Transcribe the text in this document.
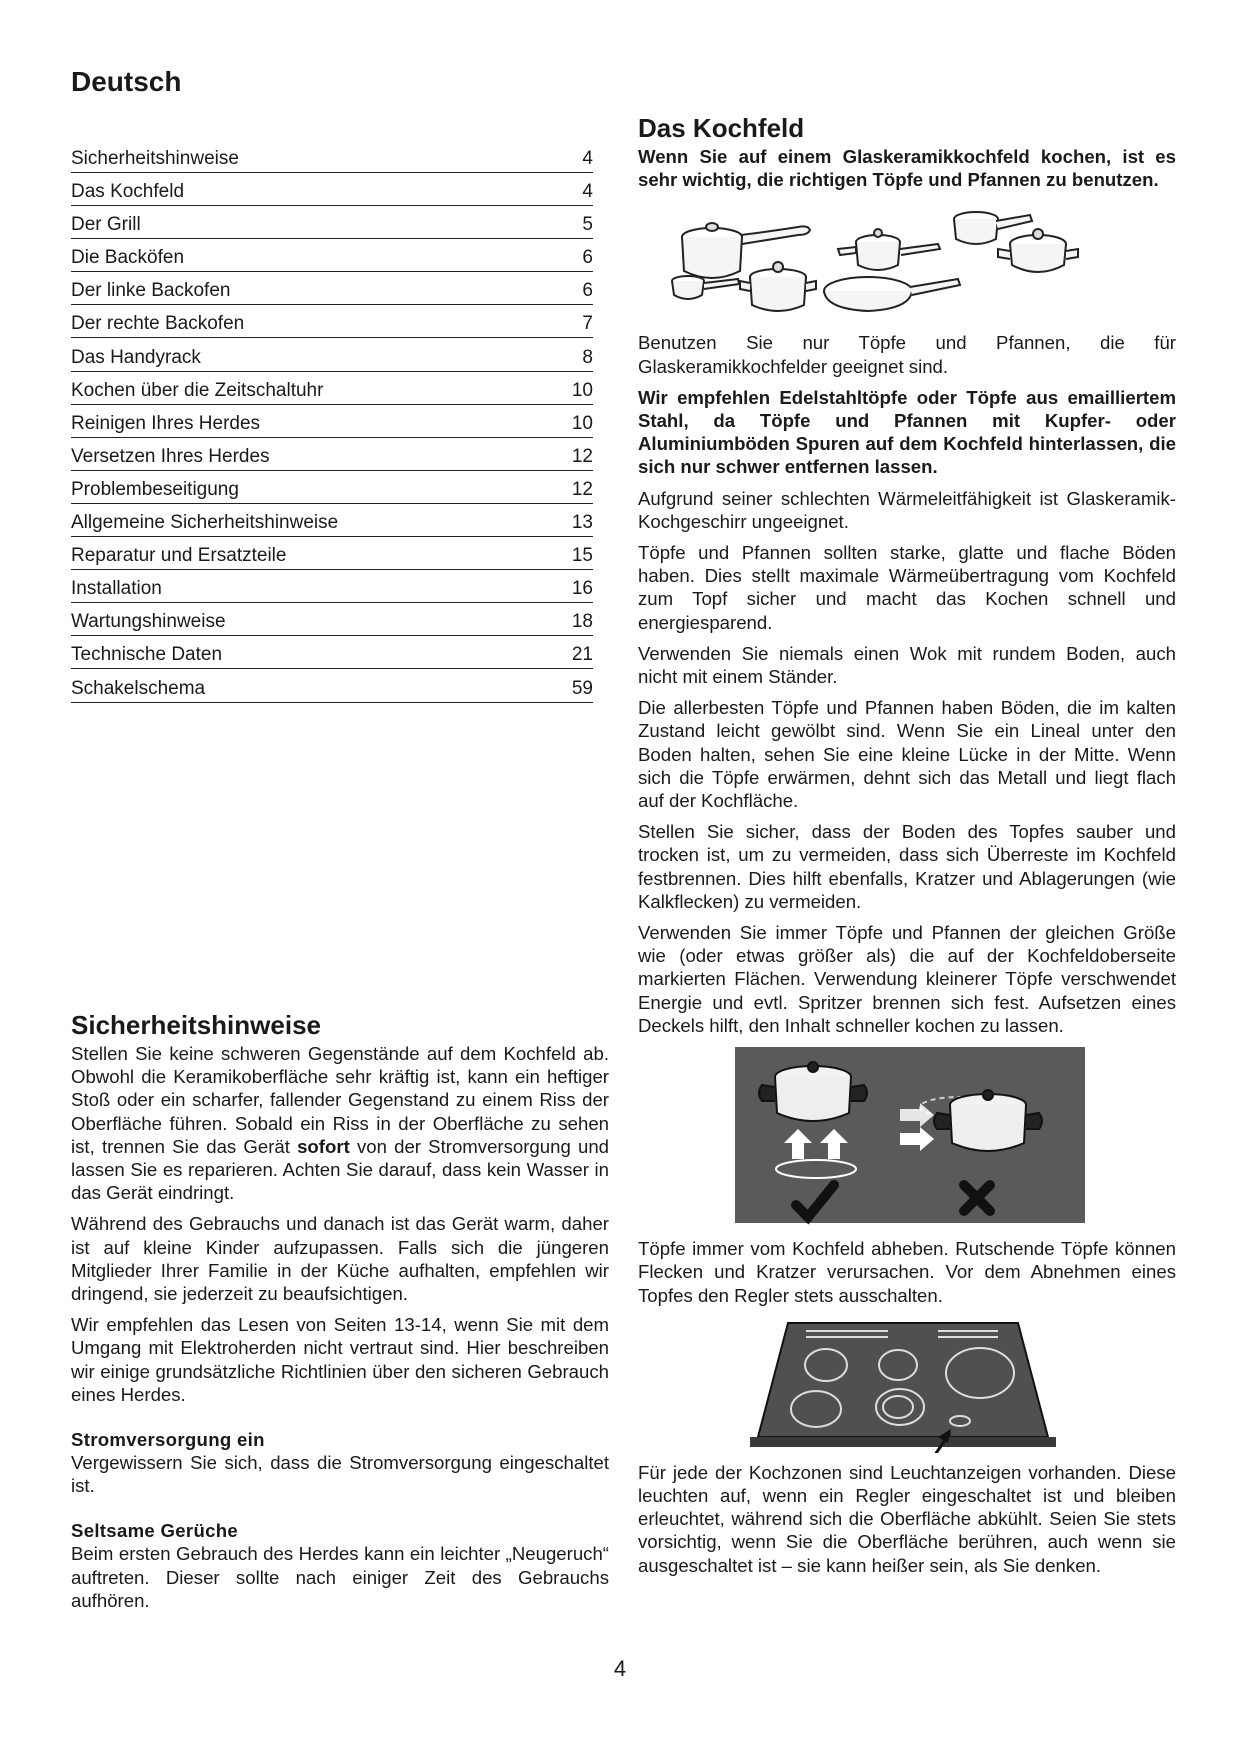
Deutsch
Sicherheitshinweise	4
Das Kochfeld	4
Der Grill	5
Die Backöfen	6
Der linke Backofen	6
Der rechte Backofen	7
Das Handyrack	8
Kochen über die Zeitschaltuhr	10
Reinigen Ihres Herdes	10
Versetzen Ihres Herdes	12
Problembeseitigung	12
Allgemeine Sicherheitshinweise	13
Reparatur und Ersatzteile	15
Installation	16
Wartungshinweise	18
Technische Daten	21
Schakelschema	59
Sicherheitshinweise

Stellen Sie keine schweren Gegenstände auf dem Kochfeld ab. Obwohl die Keramikoberfläche sehr kräftig ist, kann ein heftiger Stoß oder ein scharfer, fallender Gegenstand zu einem Riss der Oberfläche führen. Sobald ein Riss in der Oberfläche zu sehen ist, trennen Sie das Gerät sofort von der Stromversorgung und lassen Sie es reparieren. Achten Sie darauf, dass kein Wasser in das Gerät eindringt.

Während des Gebrauchs und danach ist das Gerät warm, daher ist auf kleine Kinder aufzupassen. Falls sich die jüngeren Mitglieder Ihrer Familie in der Küche aufhalten, empfehlen wir dringend, sie jederzeit zu beaufsichtigen.

Wir empfehlen das Lesen von Seiten 13-14, wenn Sie mit dem Umgang mit Elektroherden nicht vertraut sind. Hier beschreiben wir einige grundsätzliche Richtlinien über den sicheren Gebrauch eines Herdes.

Stromversorgung ein

Vergewissern Sie sich, dass die Stromversorgung eingeschaltet ist.

Seltsame Gerüche

Beim ersten Gebrauch des Herdes kann ein leichter „Neugeruch“ auftreten. Dieser sollte nach einiger Zeit des Gebrauchs aufhören.

Das Kochfeld

Wenn Sie auf einem Glaskeramikkochfeld kochen, ist es sehr wichtig, die richtigen Töpfe und Pfannen zu benutzen.

Benutzen Sie nur Töpfe und Pfannen, die für Glaskeramikkochfelder geeignet sind.

Wir empfehlen Edelstahltöpfe oder Töpfe aus emailliertem Stahl, da Töpfe und Pfannen mit Kupfer- oder Aluminiumböden Spuren auf dem Kochfeld hinterlassen, die sich nur schwer entfernen lassen.

Aufgrund seiner schlechten Wärmeleitfähigkeit ist Glaskeramik-Kochgeschirr ungeeignet.

Töpfe und Pfannen sollten starke, glatte und flache Böden haben. Dies stellt maximale Wärmeübertragung vom Kochfeld zum Topf sicher und macht das Kochen schnell und energiesparend.

Verwenden Sie niemals einen Wok mit rundem Boden, auch nicht mit einem Ständer.

Die allerbesten Töpfe und Pfannen haben Böden, die im kalten Zustand leicht gewölbt sind. Wenn Sie ein Lineal unter den Boden halten, sehen Sie eine kleine Lücke in der Mitte. Wenn sich die Töpfe erwärmen, dehnt sich das Metall und liegt flach auf der Kochfläche.

Stellen Sie sicher, dass der Boden des Topfes sauber und trocken ist, um zu vermeiden, dass sich Überreste im Kochfeld festbrennen. Dies hilft ebenfalls, Kratzer und Ablagerungen (wie Kalkflecken) zu vermeiden.

Verwenden Sie immer Töpfe und Pfannen der gleichen Größe wie (oder etwas größer als) die auf der Kochfeldoberseite markierten Flächen. Verwendung kleinerer Töpfe verschwendet Energie und evtl. Spritzer brennen sich fest. Aufsetzen eines Deckels hilft, den Inhalt schneller kochen zu lassen.

Töpfe immer vom Kochfeld abheben. Rutschende Töpfe können Flecken und Kratzer verursachen. Vor dem Abnehmen eines Topfes den Regler stets ausschalten.

Für jede der Kochzonen sind Leuchtanzeigen vorhanden. Diese leuchten auf, wenn ein Regler eingeschaltet ist und bleiben erleuchtet, während sich die Oberfläche abkühlt. Seien Sie stets vorsichtig, wenn Sie die Oberfläche berühren, auch wenn sie ausgeschaltet ist – sie kann heißer sein, als Sie denken.

4
